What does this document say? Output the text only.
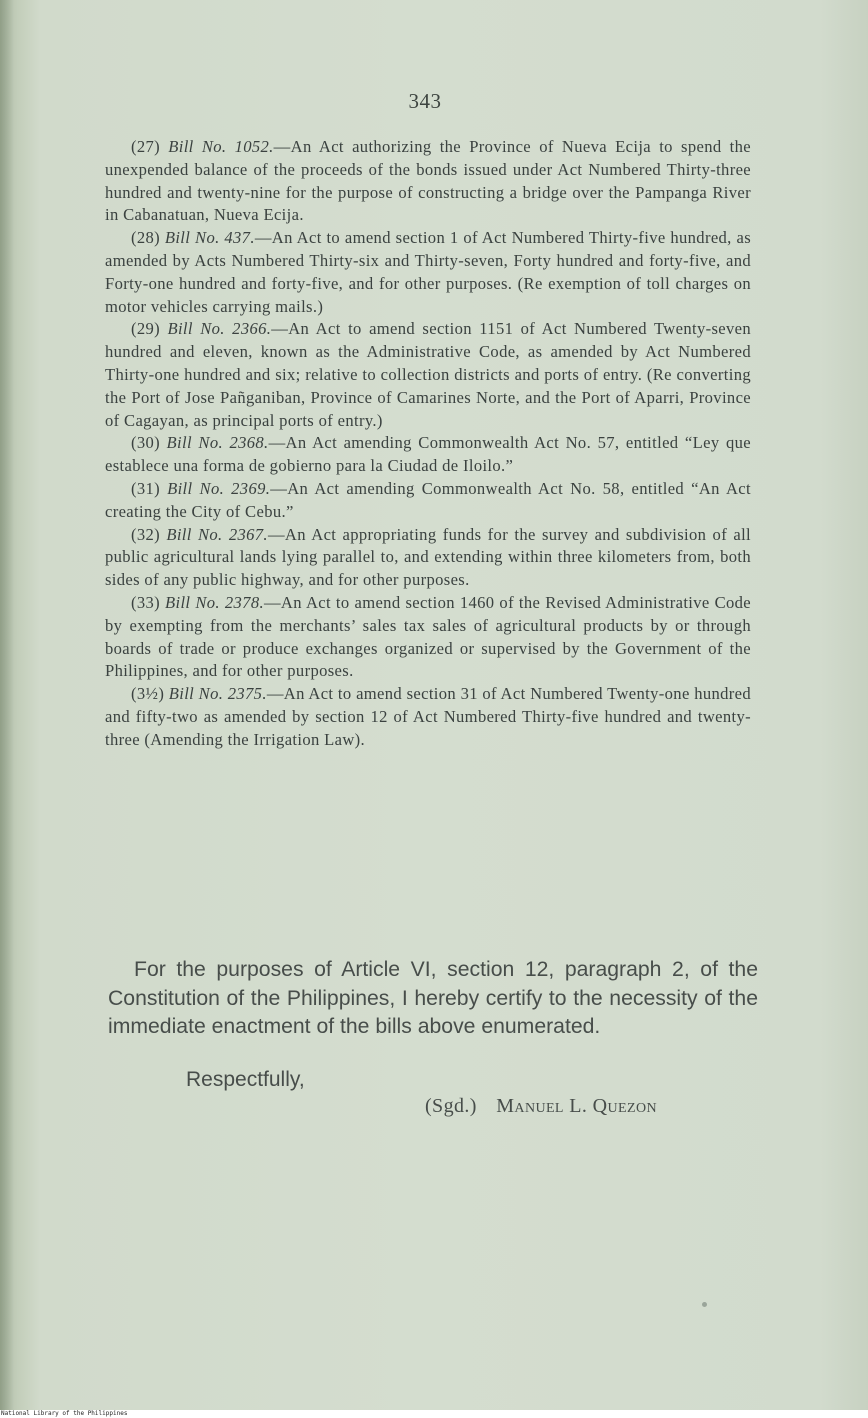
343

(27) Bill No. 1052.—An Act authorizing the Province of Nueva Ecija to spend the unexpended balance of the proceeds of the bonds issued under Act Numbered Thirty-three hundred and twenty-nine for the purpose of constructing a bridge over the Pampanga River in Cabanatuan, Nueva Ecija.

(28) Bill No. 437.—An Act to amend section 1 of Act Numbered Thirty-five hundred, as amended by Acts Numbered Thirty-six and Thirty-seven, Forty hundred and forty-five, and Forty-one hundred and forty-five, and for other purposes. (Re exemption of toll charges on motor vehicles carrying mails.)

(29) Bill No. 2366.—An Act to amend section 1151 of Act Numbered Twenty-seven hundred and eleven, known as the Administrative Code, as amended by Act Numbered Thirty-one hundred and six; relative to collection districts and ports of entry. (Re converting the Port of Jose Pañganiban, Province of Camarines Norte, and the Port of Aparri, Province of Cagayan, as principal ports of entry.)

(30) Bill No. 2368.—An Act amending Commonwealth Act No. 57, entitled “Ley que establece una forma de gobierno para la Ciudad de Iloilo.”

(31) Bill No. 2369.—An Act amending Commonwealth Act No. 58, entitled “An Act creating the City of Cebu.”

(32) Bill No. 2367.—An Act appropriating funds for the survey and subdivision of all public agricultural lands lying parallel to, and extending within three kilometers from, both sides of any public highway, and for other purposes.

(33) Bill No. 2378.—An Act to amend section 1460 of the Revised Administrative Code by exempting from the merchants’ sales tax sales of agricultural products by or through boards of trade or produce exchanges organized or supervised by the Government of the Philippines, and for other purposes.

(3½) Bill No. 2375.—An Act to amend section 31 of Act Numbered Twenty-one hundred and fifty-two as amended by section 12 of Act Numbered Thirty-five hundred and twenty-three (Amending the Irrigation Law).

For the purposes of Article VI, section 12, paragraph 2, of the Constitution of the Philippines, I hereby certify to the necessity of the immediate enactment of the bills above enumerated.

Respectfully,
(Sgd.) Manuel L. Quezon
National Library of the Philippines
